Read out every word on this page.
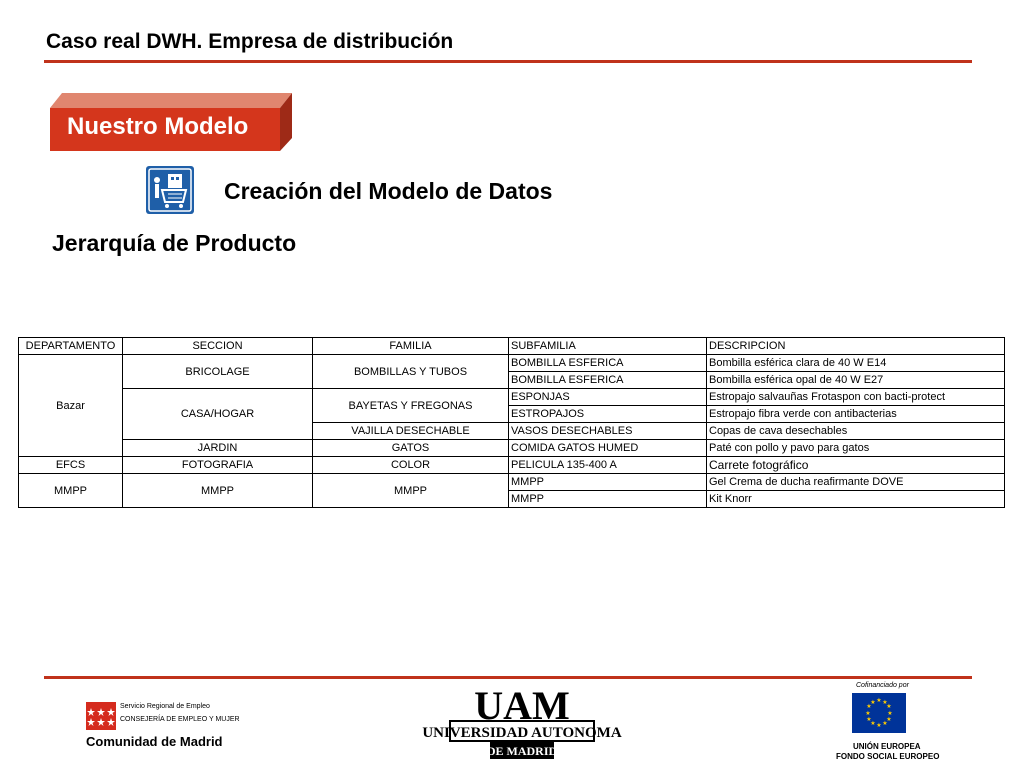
Caso real DWH. Empresa de distribución
Nuestro Modelo
Creación del Modelo de Datos
Jerarquía de Producto
DEPARTAMENTO	SECCION	FAMILIA	SUBFAMILIA	DESCRIPCION
Bazar	BRICOLAGE	BOMBILLAS Y TUBOS	BOMBILLA ESFERICA	Bombilla esférica clara de 40 W E14
			BOMBILLA ESFERICA	Bombilla esférica opal de 40 W E27
	CASA/HOGAR	BAYETAS Y FREGONAS	ESPONJAS	Estropajo salvauñas Frotaspon con bacti-protect
			ESTROPAJOS	Estropajo fibra verde con antibacterias
		VAJILLA DESECHABLE	VASOS DESECHABLES	Copas de cava desechables
	JARDIN	GATOS	COMIDA GATOS HUMED	Paté con pollo y pavo para gatos
EFCS	FOTOGRAFIA	COLOR	PELICULA 135-400 A	Carrete fotográfico
MMPP	MMPP	MMPP	MMPP	Gel Crema de ducha reafirmante DOVE
			MMPP	Kit Knorr
Servicio Regional de Empleo
CONSEJERÍA DE EMPLEO Y MUJER
Comunidad de Madrid
UAM
UNIVERSIDAD AUTONOMA
DE MADRID
Cofinanciado por
★ ★
★
★
★
★
★
★
★
★
★
★
UNIÓN EUROPEA
FONDO SOCIAL EUROPEO
